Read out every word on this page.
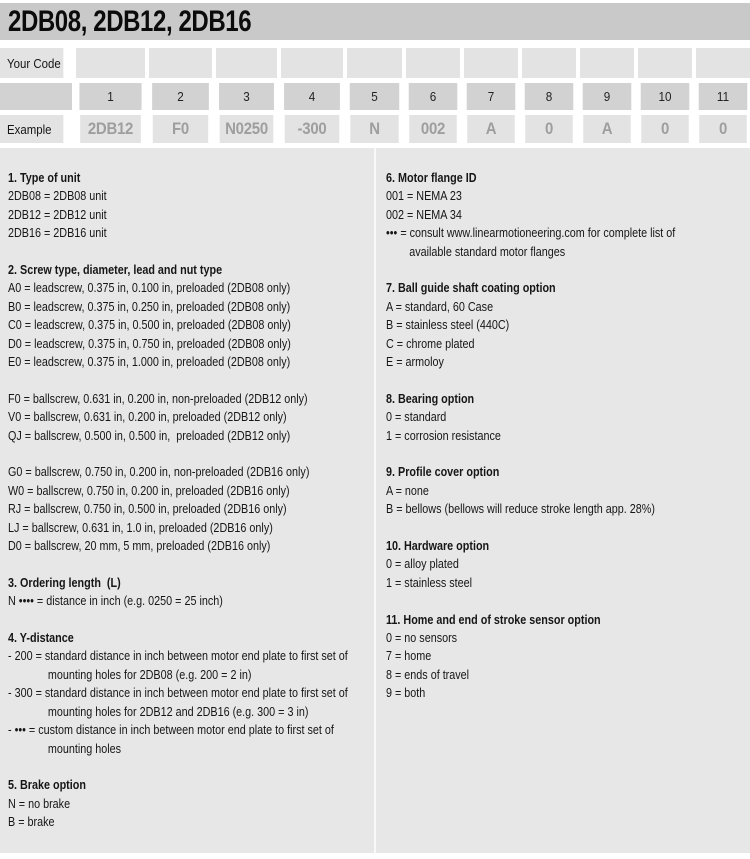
2DB08, 2DB12, 2DB16
Your Code
1	2	3	4	5	6	7	8	9	10	11
Example	2DB12	F0	N0250	-300	N	002	A	0	A	0	0
1. Type of unit
2DB08 = 2DB08 unit
2DB12 = 2DB12 unit
2DB16 = 2DB16 unit
2. Screw type, diameter, lead and nut type
A0 = leadscrew, 0.375 in, 0.100 in, preloaded (2DB08 only)
B0 = leadscrew, 0.375 in, 0.250 in, preloaded (2DB08 only)
C0 = leadscrew, 0.375 in, 0.500 in, preloaded (2DB08 only)
D0 = leadscrew, 0.375 in, 0.750 in, preloaded (2DB08 only)
E0 = leadscrew, 0.375 in, 1.000 in, preloaded (2DB08 only)
F0 = ballscrew, 0.631 in, 0.200 in, non-preloaded (2DB12 only)
V0 = ballscrew, 0.631 in, 0.200 in, preloaded (2DB12 only)
QJ = ballscrew, 0.500 in, 0.500 in,  preloaded (2DB12 only)
G0 = ballscrew, 0.750 in, 0.200 in, non-preloaded (2DB16 only)
W0 = ballscrew, 0.750 in, 0.200 in, preloaded (2DB16 only)
RJ = ballscrew, 0.750 in, 0.500 in, preloaded (2DB16 only)
LJ = ballscrew, 0.631 in, 1.0 in, preloaded (2DB16 only)
D0 = ballscrew, 20 mm, 5 mm, preloaded (2DB16 only)
3. Ordering length  (L)
N •••• = distance in inch (e.g. 0250 = 25 inch)
4. Y-distance
- 200 = standard distance in inch between motor end plate to first set of
mounting holes for 2DB08 (e.g. 200 = 2 in)
- 300 = standard distance in inch between motor end plate to first set of
mounting holes for 2DB12 and 2DB16 (e.g. 300 = 3 in)
- ••• = custom distance in inch between motor end plate to first set of
mounting holes
5. Brake option
N = no brake
B = brake
6. Motor flange ID
001 = NEMA 23
002 = NEMA 34
••• = consult www.linearmotioneering.com for complete list of
available standard motor flanges
7. Ball guide shaft coating option
A = standard, 60 Case
B = stainless steel (440C)
C = chrome plated
E = armoloy
8. Bearing option
0 = standard
1 = corrosion resistance
9. Profile cover option
A = none
B = bellows (bellows will reduce stroke length app. 28%)
10. Hardware option
0 = alloy plated
1 = stainless steel
11. Home and end of stroke sensor option
0 = no sensors
7 = home
8 = ends of travel
9 = both
